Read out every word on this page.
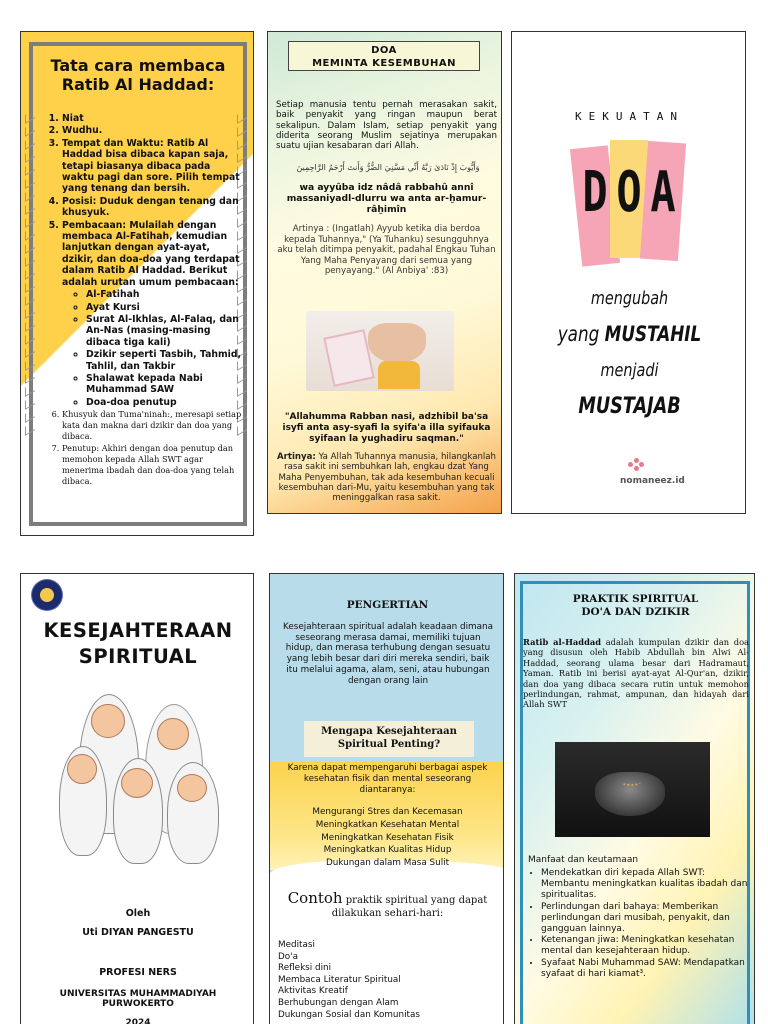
Tata cara membaca Ratib Al Haddad:
1. Niat
2. Wudhu.
3. Tempat dan Waktu: Ratib Al Haddad bisa dibaca kapan saja, tetapi biasanya dibaca pada waktu pagi dan sore. Pilih tempat yang tenang dan bersih.
4. Posisi: Duduk dengan tenang dan khusyuk.
5. Pembacaan: Mulailah dengan membaca Al-Fatihah, kemudian lanjutkan dengan ayat-ayat, dzikir, dan doa-doa yang terdapat dalam Ratib Al Haddad. Berikut adalah urutan umum pembacaan:
◦ Al-Fatihah
◦ Ayat Kursi
◦ Surat Al-Ikhlas, Al-Falaq, dan An-Nas (masing-masing dibaca tiga kali)
◦ Dzikir seperti Tasbih, Tahmid, Tahlil, dan Takbir
◦ Shalawat kepada Nabi Muhammad SAW
◦ Doa-doa penutup
6. Khusyuk dan Tuma'ninah:, meresapi setiap kata dan makna dari dzikir dan doa yang dibaca.
7. Penutup: Akhiri dengan doa penutup dan memohon kepada Allah SWT agar menerima ibadah dan doa-doa yang telah dibaca.
DOA
MEMINTA KESEMBUHAN

Setiap manusia tentu pernah merasakan sakit, baik penyakit yang ringan maupun berat sekalipun. Dalam Islam, setiap penyakit yang diderita seorang Muslim sejatinya merupakan suatu ujian kesabaran dari Allah.

وَأَيُّوبَ إِذْ نَادَىٰ رَبَّهُ أَنِّي مَسَّنِيَ الضُّرُّ وَأَنتَ أَرْحَمُ الرَّاحِمِينَ

wa ayyûba idz nâdâ rabbahû annî massaniyadl-dlurru wa anta ar-ḫamur-râḫimîn

Artinya : (Ingatlah) Ayyub ketika dia berdoa kepada Tuhannya," (Ya Tuhanku) sesungguhnya aku telah ditimpa penyakit, padahal Engkau Tuhan Yang Maha Penyayang dari semua yang penyayang." (Al Anbiya' :83)

"Allahumma Rabban nasi, adzhibil ba'sa isyfi anta asy-syafi la syifa'a illa syifauka syifaan la yughadiru saqman."

Artinya: Ya Allah Tuhannya manusia, hilangkanlah rasa sakit ini sembuhkan lah, engkau dzat Yang Maha Penyembuhan, tak ada kesembuhan kecuali kesembuhan dari-Mu, yaitu kesembuhan yang tak meninggalkan rasa sakit.

KEKUATAN
D O A
mengubah
yang MUSTAHIL
menjadi
MUSTAJAB
nomaneez.id
KESEJAHTERAAN
SPIRITUAL
Oleh
Uti DIYAN PANGESTU
PROFESI NERS
UNIVERSITAS MUHAMMADIYAH
PURWOKERTO
2024
PENGERTIAN

Kesejahteraan spiritual adalah keadaan dimana seseorang merasa damai, memiliki tujuan hidup, dan merasa terhubung dengan sesuatu yang lebih besar dari diri mereka sendiri, baik itu melalui agama, alam, seni, atau hubungan dengan orang lain

Mengapa Kesejahteraan Spiritual Penting?

Karena dapat mempengaruhi berbagai aspek kesehatan fisik dan mental seseorang diantaranya:

Mengurangi Stres dan Kecemasan
Meningkatkan Kesehatan Mental
Meningkatkan Kesehatan Fisik
Meningkatkan Kualitas Hidup
Dukungan dalam Masa Sulit

Contoh praktik spiritual yang dapat dilakukan sehari-hari:

Meditasi
Do'a
Refleksi dini
Membaca Literatur Spiritual
Aktivitas Kreatif
Berhubungan dengan Alam
Dukungan Sosial dan Komunitas
PRAKTIK SPIRITUAL
DO'A DAN DZIKIR

Ratib al-Haddad adalah kumpulan dzikir dan doa yang disusun oleh Habib Abdullah bin Alwi Al-Haddad, seorang ulama besar dari Hadramaut, Yaman. Ratib ini berisi ayat-ayat Al-Qur'an, dzikir, dan doa yang dibaca secara rutin untuk memohon perlindungan, rahmat, ampunan, dan hidayah dari Allah SWT

Manfaat dan keutamaan
• Mendekatkan diri kepada Allah SWT: Membantu meningkatkan kualitas ibadah dan spiritualitas.
• Perlindungan dari bahaya: Memberikan perlindungan dari musibah, penyakit, dan gangguan lainnya.
• Ketenangan jiwa: Meningkatkan kesehatan mental dan kesejahteraan hidup.
• Syafaat Nabi Muhammad SAW: Mendapatkan syafaat di hari kiamat³.
